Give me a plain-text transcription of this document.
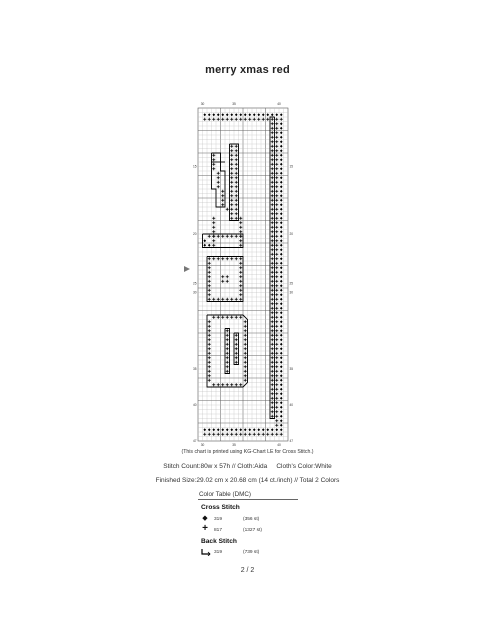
merry xmas red
30	35	40
30	35	40
15
20
25
30
35
40
47
15
20
25
30
35
40
47
(This chart is printed using KG-Chart LE for Cross Stitch.)
Stitch Count:80w x 57h // Cloth:Aida     Cloth's Color:White
Finished Size:29.02 cm x 20.68 cm (14 ct./inch) // Total 2 Colors
Color Table (DMC)
Cross Stitch
◆ 319	(356 st)
+ 817	(1327 st)
Back Stitch
319	(739 st)
2 / 2
